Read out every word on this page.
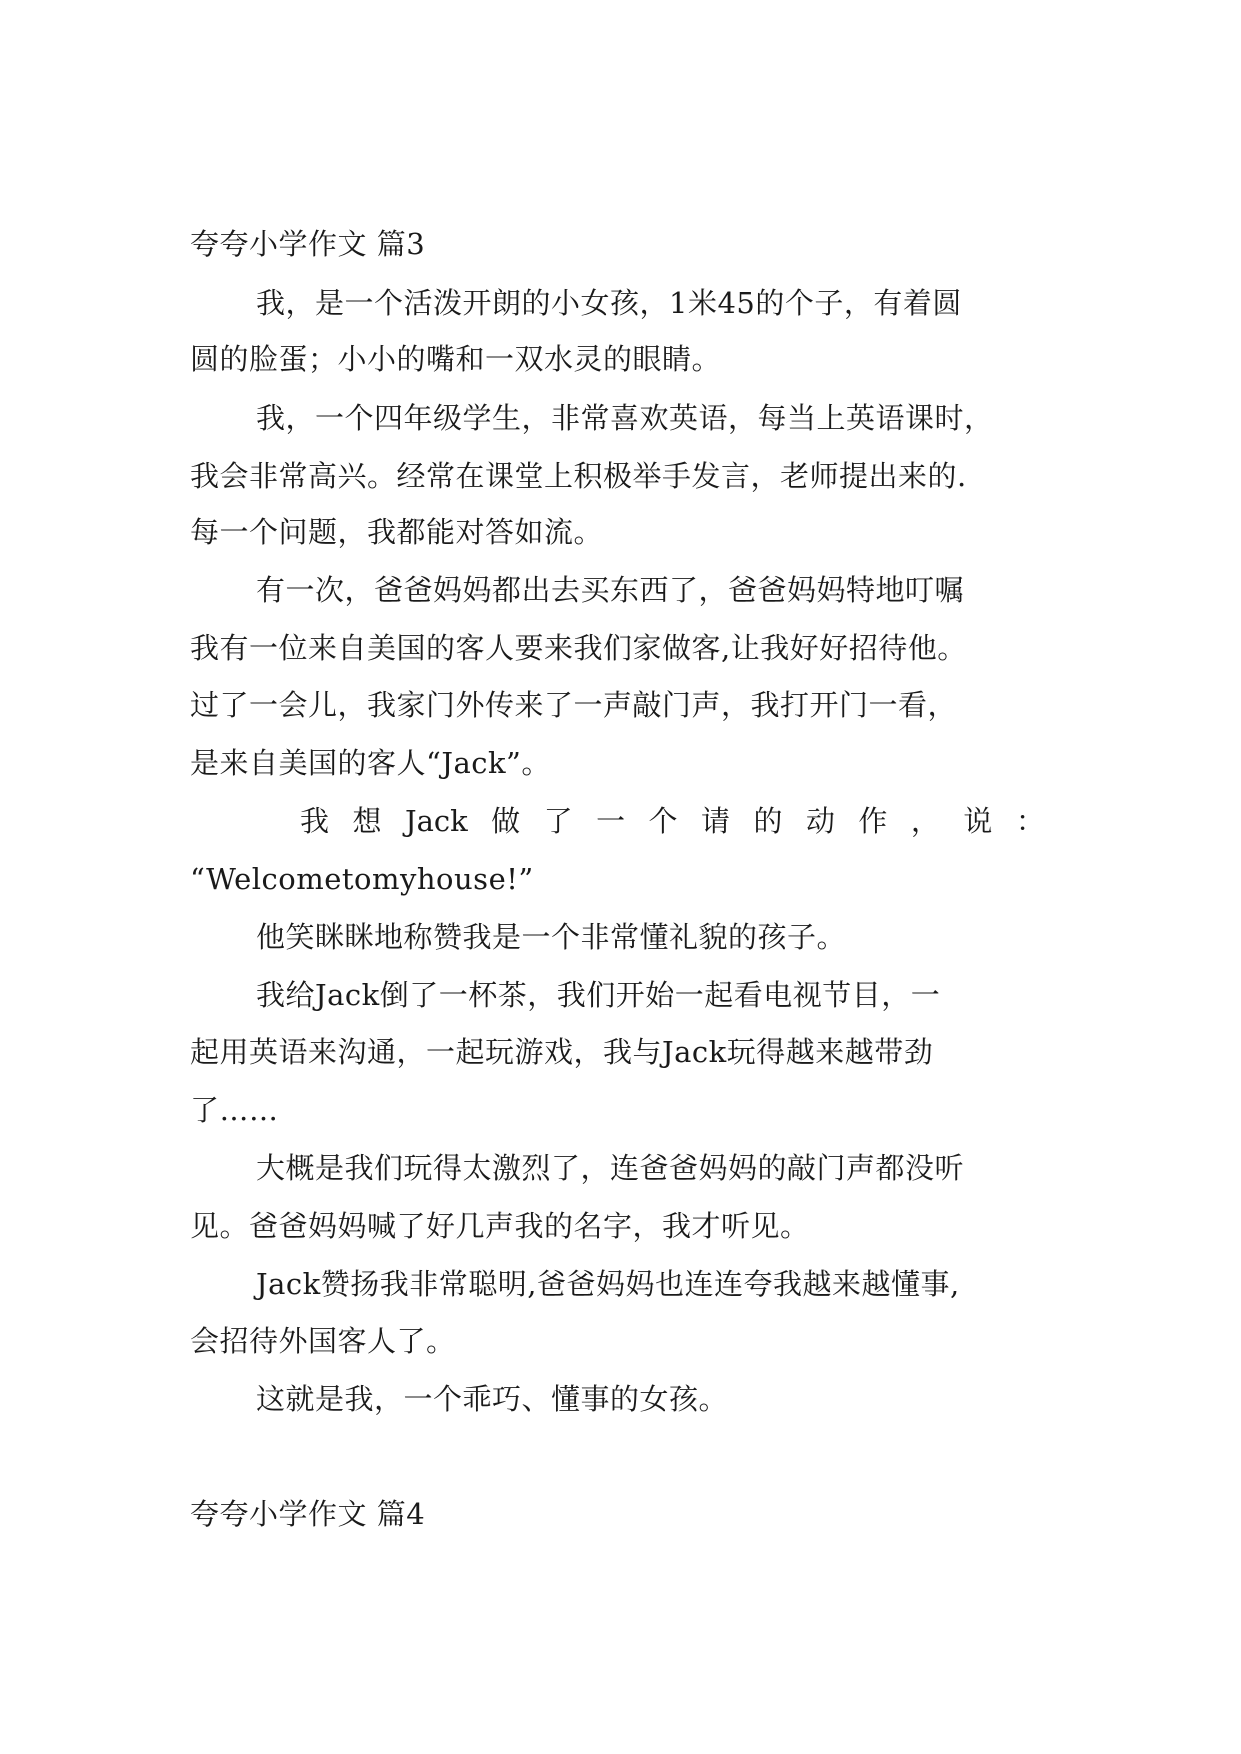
夸夸小学作文 篇3
我，是一个活泼开朗的小女孩，1米45的个子，有着圆
圆的脸蛋；小小的嘴和一双水灵的眼睛。
我，一个四年级学生，非常喜欢英语，每当上英语课时，
我会非常高兴。经常在课堂上积极举手发言，老师提出来的.
每一个问题，我都能对答如流。
有一次，爸爸妈妈都出去买东西了，爸爸妈妈特地叮嘱
我有一位来自美国的客人要来我们家做客,让我好好招待他。
过了一会儿，我家门外传来了一声敲门声，我打开门一看，
是来自美国的客人“Jack”。
我 想 Jack 做 了 一 个 请 的 动 作 ， 说 ：
“Welcometomyhouse!”
他笑眯眯地称赞我是一个非常懂礼貌的孩子。
我给Jack倒了一杯茶，我们开始一起看电视节目，一
起用英语来沟通，一起玩游戏，我与Jack玩得越来越带劲
了……
大概是我们玩得太激烈了，连爸爸妈妈的敲门声都没听
见。爸爸妈妈喊了好几声我的名字，我才听见。
Jack赞扬我非常聪明,爸爸妈妈也连连夸我越来越懂事,
会招待外国客人了。
这就是我，一个乖巧、懂事的女孩。
夸夸小学作文 篇4
